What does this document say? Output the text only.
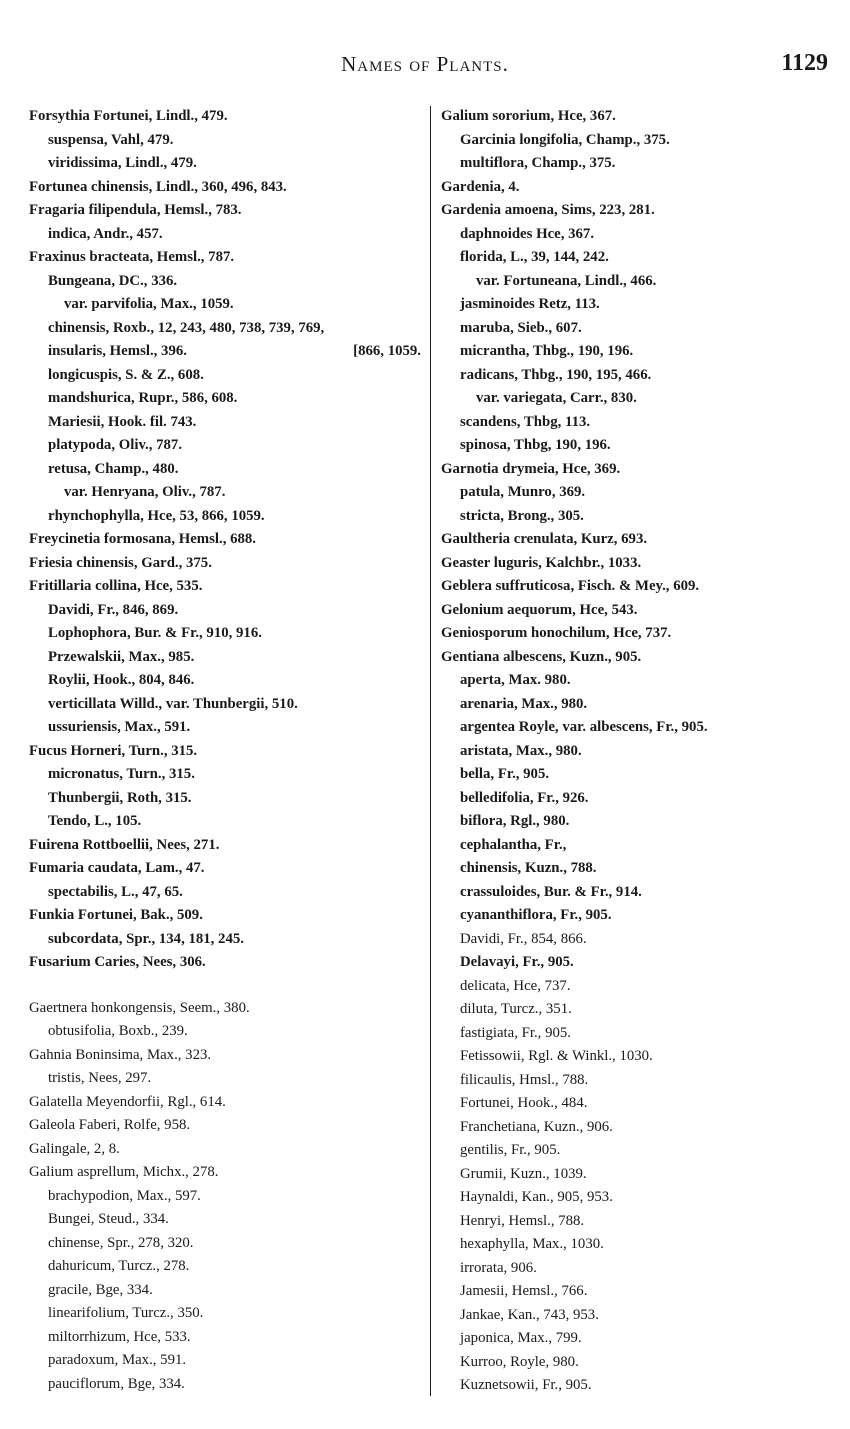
Names of Plants.	1129
Forsythia Fortunei, Lindl., 479.
suspensa, Vahl, 479.
viridissima, Lindl., 479.
Fortunea chinensis, Lindl., 360, 496, 843.
Fragaria filipendula, Hemsl., 783.
indica, Andr., 457.
Fraxinus bracteata, Hemsl., 787.
Bungeana, DC., 336.
var. parvifolia, Max., 1059.
chinensis, Roxb., 12, 243, 480, 738, 739, 769,
insularis, Hemsl., 396.	[866, 1059.
longicuspis, S. & Z., 608.
mandshurica, Rupr., 586, 608.
Mariesii, Hook. fil. 743.
platypoda, Oliv., 787.
retusa, Champ., 480.
var. Henryana, Oliv., 787.
rhynchophylla, Hce, 53, 866, 1059.
Freycinetia formosana, Hemsl., 688.
Friesia chinensis, Gard., 375.
Fritillaria collina, Hce, 535.
Davidi, Fr., 846, 869.
Lophophora, Bur. & Fr., 910, 916.
Przewalskii, Max., 985.
Roylii, Hook., 804, 846.
verticillata Willd., var. Thunbergii, 510.
ussuriensis, Max., 591.
Fucus Horneri, Turn., 315.
micronatus, Turn., 315.
Thunbergii, Roth, 315.
Tendo, L., 105.
Fuirena Rottboellii, Nees, 271.
Fumaria caudata, Lam., 47.
spectabilis, L., 47, 65.
Funkia Fortunei, Bak., 509.
subcordata, Spr., 134, 181, 245.
Fusarium Caries, Nees, 306.
Gaertnera honkongensis, Seem., 380.
obtusifolia, Boxb., 239.
Gahnia Boninsima, Max., 323.
tristis, Nees, 297.
Galatella Meyendorfii, Rgl., 614.
Galeola Faberi, Rolfe, 958.
Galingale, 2, 8.
Galium asprellum, Michx., 278.
brachypodion, Max., 597.
Bungei, Steud., 334.
chinense, Spr., 278, 320.
dahuricum, Turcz., 278.
gracile, Bge, 334.
linearifolium, Turcz., 350.
miltorrhizum, Hce, 533.
paradoxum, Max., 591.
pauciflorum, Bge, 334.
Galium sororium, Hce, 367.
Garcinia longifolia, Champ., 375.
multiflora, Champ., 375.
Gardenia, 4.
Gardenia amoena, Sims, 223, 281.
daphnoides Hce, 367.
florida, L., 39, 144, 242.
var. Fortuneana, Lindl., 466.
jasminoides Retz, 113.
maruba, Sieb., 607.
micrantha, Thbg., 190, 196.
radicans, Thbg., 190, 195, 466.
var. variegata, Carr., 830.
scandens, Thbg, 113.
spinosa, Thbg, 190, 196.
Garnotia drymeia, Hce, 369.
patula, Munro, 369.
stricta, Brong., 305.
Gaultheria crenulata, Kurz, 693.
Geaster luguris, Kalchbr., 1033.
Geblera suffruticosa, Fisch. & Mey., 609.
Gelonium aequorum, Hce, 543.
Geniosporum honochilum, Hce, 737.
Gentiana albescens, Kuzn., 905.
aperta, Max. 980.
arenaria, Max., 980.
argentea Royle, var. albescens, Fr., 905.
aristata, Max., 980.
bella, Fr., 905.
belledifolia, Fr., 926.
biflora, Rgl., 980.
cephalantha, Fr.,
chinensis, Kuzn., 788.
crassuloides, Bur. & Fr., 914.
cyananthiflora, Fr., 905.
Davidi, Fr., 854, 866.
Delavayi, Fr., 905.
delicata, Hce, 737.
diluta, Turcz., 351.
fastigiata, Fr., 905.
Fetissowii, Rgl. & Winkl., 1030.
filicaulis, Hmsl., 788.
Fortunei, Hook., 484.
Franchetiana, Kuzn., 906.
gentilis, Fr., 905.
Grumii, Kuzn., 1039.
Haynaldi, Kan., 905, 953.
Henryi, Hemsl., 788.
hexaphylla, Max., 1030.
irrorata, 906.
Jamesii, Hemsl., 766.
Jankae, Kan., 743, 953.
japonica, Max., 799.
Kurroo, Royle, 980.
Kuznetsowii, Fr., 905.
